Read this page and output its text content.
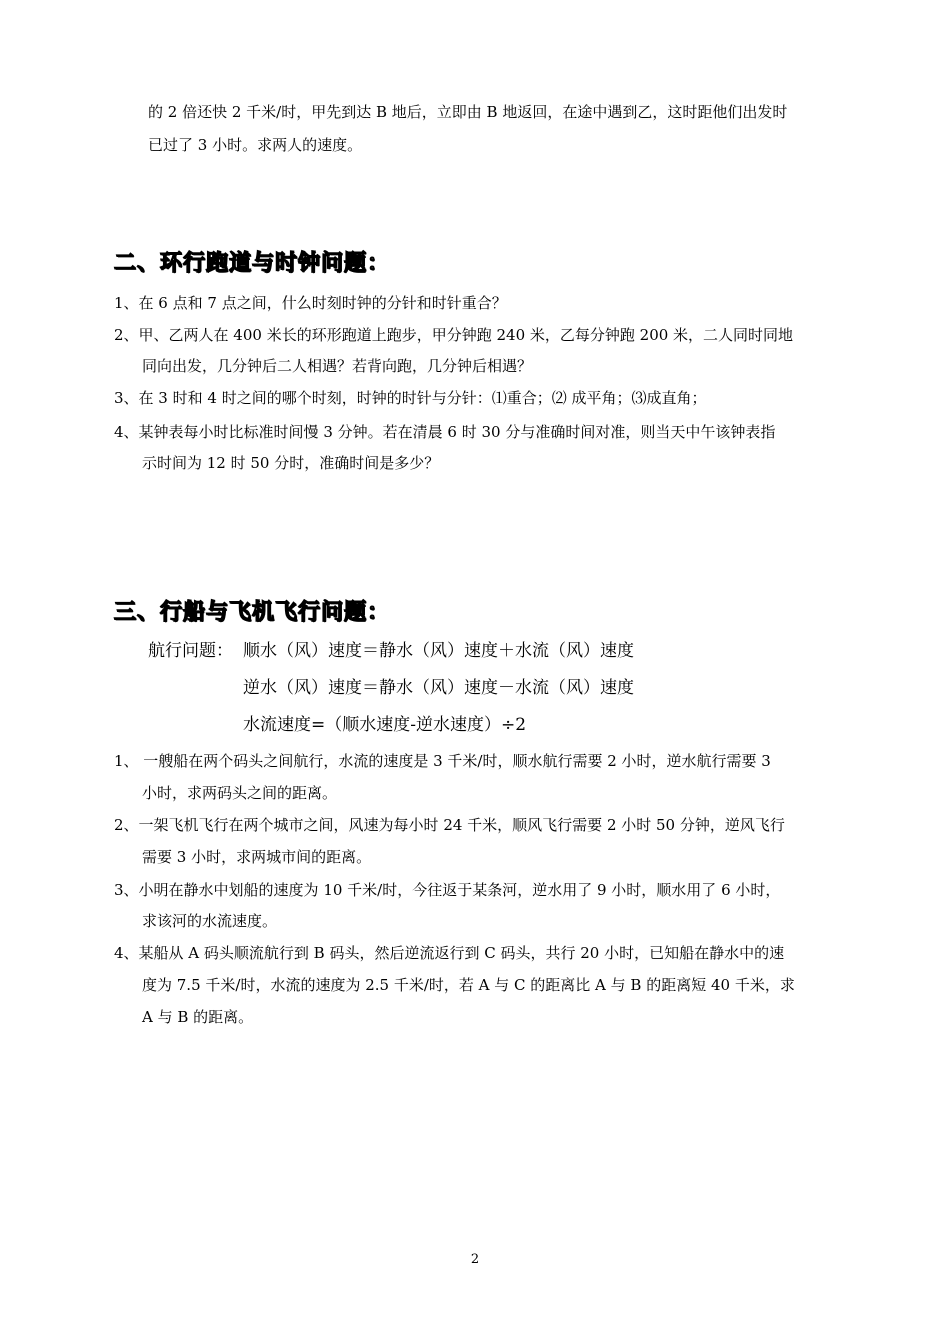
的 2 倍还快 2 千米/时，甲先到达 B 地后，立即由 B 地返回，在途中遇到乙，这时距他们出发时
已过了 3 小时。求两人的速度。
二、环行跑道与时钟问题：
1、在 6 点和 7 点之间，什么时刻时钟的分针和时针重合？
2、甲、乙两人在 400 米长的环形跑道上跑步，甲分钟跑 240 米，乙每分钟跑 200 米，二人同时同地
同向出发，几分钟后二人相遇？若背向跑，几分钟后相遇？
3、在 3 时和 4 时之间的哪个时刻，时钟的时针与分针：⑴重合；⑵ 成平角；⑶成直角；
4、某钟表每小时比标准时间慢 3 分钟。若在清晨 6 时 30 分与准确时间对准，则当天中午该钟表指
示时间为 12 时 50 分时，准确时间是多少？
三、行船与飞机飞行问题：
航行问题： 顺水（风）速度＝静水（风）速度＋水流（风）速度
逆水（风）速度＝静水（风）速度－水流（风）速度
水流速度=（顺水速度-逆水速度）÷2
1、 一艘船在两个码头之间航行，水流的速度是 3 千米/时，顺水航行需要 2 小时，逆水航行需要 3
小时，求两码头之间的距离。
2、一架飞机飞行在两个城市之间，风速为每小时 24 千米，顺风飞行需要 2 小时 50 分钟，逆风飞行
需要 3 小时，求两城市间的距离。
3、小明在静水中划船的速度为 10 千米/时，今往返于某条河，逆水用了 9 小时，顺水用了 6 小时，
求该河的水流速度。
4、某船从 A 码头顺流航行到 B 码头，然后逆流返行到 C 码头，共行 20 小时，已知船在静水中的速
度为 7.5 千米/时，水流的速度为 2.5 千米/时，若 A 与 C 的距离比 A 与 B 的距离短 40 千米，求
A 与 B 的距离。
2
